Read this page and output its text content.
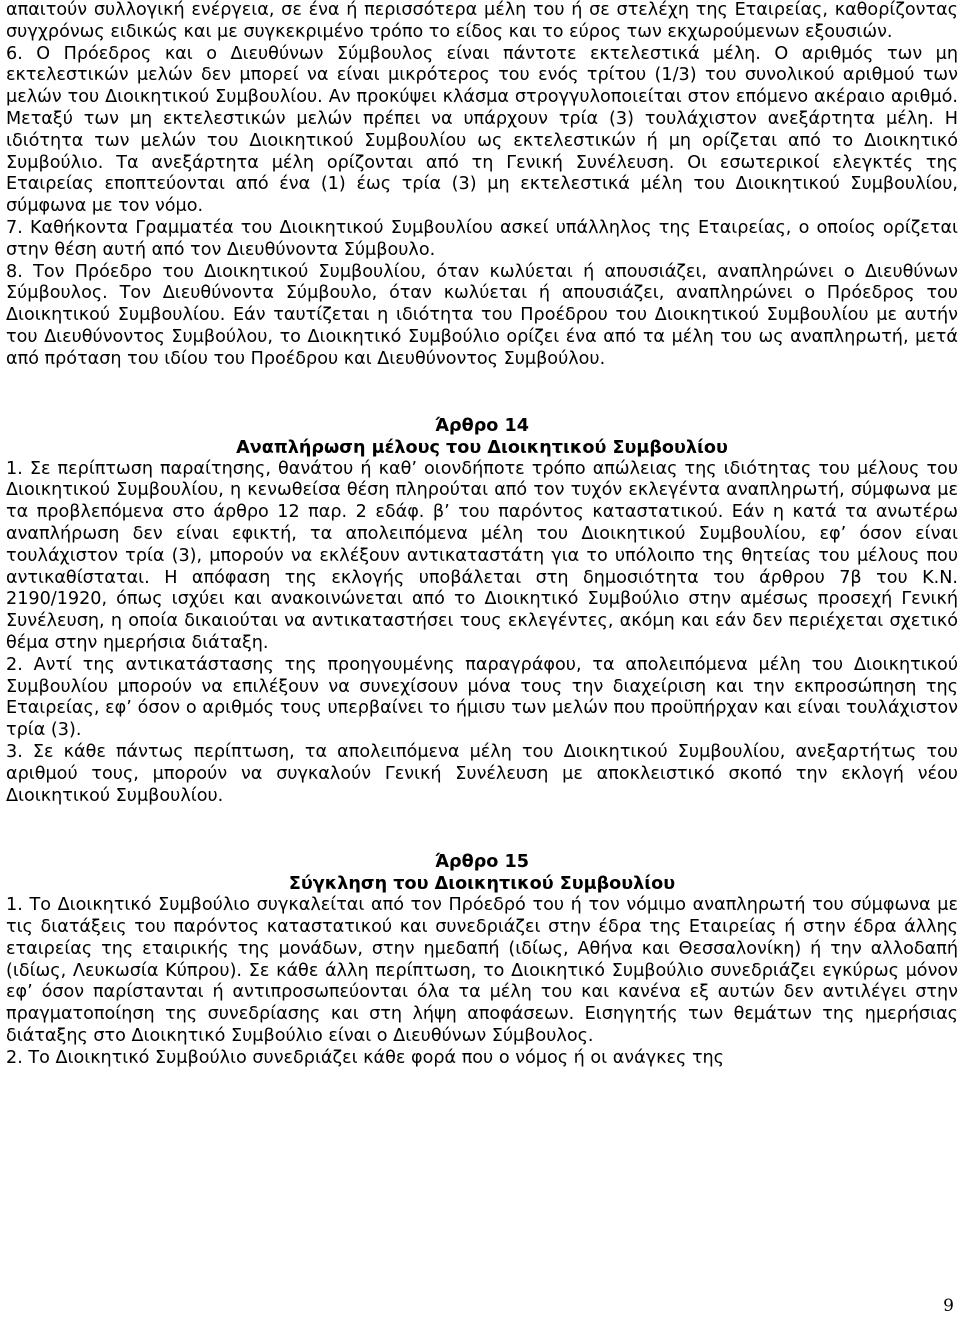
απαιτούν συλλογική ενέργεια, σε ένα ή περισσότερα μέλη του ή σε στελέχη της Εταιρείας, καθορίζοντας συγχρόνως ειδικώς και με συγκεκριμένο τρόπο το είδος και το εύρος των εκχωρούμενων εξουσιών.

6. Ο Πρόεδρος και ο Διευθύνων Σύμβουλος είναι πάντοτε εκτελεστικά μέλη. Ο αριθμός των μη εκτελεστικών μελών δεν μπορεί να είναι μικρότερος του ενός τρίτου (1/3) του συνολικού αριθμού των μελών του Διοικητικού Συμβουλίου. Αν προκύψει κλάσμα στρογγυλοποιείται στον επόμενο ακέραιο αριθμό. Μεταξύ των μη εκτελεστικών μελών πρέπει να υπάρχουν τρία (3) τουλάχιστον ανεξάρτητα μέλη. Η ιδιότητα των μελών του Διοικητικού Συμβουλίου ως εκτελεστικών ή μη ορίζεται από το Διοικητικό Συμβούλιο. Τα ανεξάρτητα μέλη ορίζονται από τη Γενική Συνέλευση. Οι εσωτερικοί ελεγκτές της Εταιρείας εποπτεύονται από ένα (1) έως τρία (3) μη εκτελεστικά μέλη του Διοικητικού Συμβουλίου, σύμφωνα με τον νόμο.

7. Καθήκοντα Γραμματέα του Διοικητικού Συμβουλίου ασκεί υπάλληλος της Εταιρείας, ο οποίος ορίζεται στην θέση αυτή από τον Διευθύνοντα Σύμβουλο.

8. Τον Πρόεδρο του Διοικητικού Συμβουλίου, όταν κωλύεται ή απουσιάζει, αναπληρώνει ο Διευθύνων Σύμβουλος. Τον Διευθύνοντα Σύμβουλο, όταν κωλύεται ή απουσιάζει, αναπληρώνει ο Πρόεδρος του Διοικητικού Συμβουλίου. Εάν ταυτίζεται η ιδιότητα του Προέδρου του Διοικητικού Συμβουλίου με αυτήν του Διευθύνοντος Συμβούλου, το Διοικητικό Συμβούλιο ορίζει ένα από τα μέλη του ως αναπληρωτή, μετά από πρόταση του ιδίου του Προέδρου και Διευθύνοντος Συμβούλου.

Άρθρο 14
Αναπλήρωση μέλους του Διοικητικού Συμβουλίου

1. Σε περίπτωση παραίτησης, θανάτου ή καθ’ οιονδήποτε τρόπο απώλειας της ιδιότητας του μέλους του Διοικητικού Συμβουλίου, η κενωθείσα θέση πληρούται από τον τυχόν εκλεγέντα αναπληρωτή, σύμφωνα με τα προβλεπόμενα στο άρθρο 12 παρ. 2 εδάφ. β’ του παρόντος καταστατικού. Εάν η κατά τα ανωτέρω αναπλήρωση δεν είναι εφικτή, τα απολειπόμενα μέλη του Διοικητικού Συμβουλίου, εφ’ όσον είναι τουλάχιστον τρία (3), μπορούν να εκλέξουν αντικαταστάτη για το υπόλοιπο της θητείας του μέλους που αντικαθίσταται. Η απόφαση της εκλογής υποβάλεται στη δημοσιότητα του άρθρου 7β του Κ.Ν. 2190/1920, όπως ισχύει και ανακοινώνεται από το Διοικητικό Συμβούλιο στην αμέσως προσεχή Γενική Συνέλευση, η οποία δικαιούται να αντικαταστήσει τους εκλεγέντες, ακόμη και εάν δεν περιέχεται σχετικό θέμα στην ημερήσια διάταξη.

2. Αντί της αντικατάστασης της προηγουμένης παραγράφου, τα απολειπόμενα μέλη του Διοικητικού Συμβουλίου μπορούν να επιλέξουν να συνεχίσουν μόνα τους την διαχείριση και την εκπροσώπηση της Εταιρείας, εφ’ όσον ο αριθμός τους υπερβαίνει το ήμισυ των μελών που προϋπήρχαν και είναι τουλάχιστον τρία (3).

3. Σε κάθε πάντως περίπτωση, τα απολειπόμενα μέλη του Διοικητικού Συμβουλίου, ανεξαρτήτως του αριθμού τους, μπορούν να συγκαλούν Γενική Συνέλευση με αποκλειστικό σκοπό την εκλογή νέου Διοικητικού Συμβουλίου.

Άρθρο 15
Σύγκληση του Διοικητικού Συμβουλίου

1. Το Διοικητικό Συμβούλιο συγκαλείται από τον Πρόεδρό του ή τον νόμιμο αναπληρωτή του σύμφωνα με τις διατάξεις του παρόντος καταστατικού και συνεδριάζει στην έδρα της Εταιρείας ή στην έδρα άλλης εταιρείας της εταιρικής της μονάδων, στην ημεδαπή (ιδίως, Αθήνα και Θεσσαλονίκη) ή την αλλοδαπή (ιδίως, Λευκωσία Κύπρου). Σε κάθε άλλη περίπτωση, το Διοικητικό Συμβούλιο συνεδριάζει εγκύρως μόνον εφ’ όσον παρίστανται ή αντιπροσωπεύονται όλα τα μέλη του και κανένα εξ αυτών δεν αντιλέγει στην πραγματοποίηση της συνεδρίασης και στη λήψη αποφάσεων. Εισηγητής των θεμάτων της ημερήσιας διάταξης στο Διοικητικό Συμβούλιο είναι ο Διευθύνων Σύμβουλος.

2. Το Διοικητικό Συμβούλιο συνεδριάζει κάθε φορά που ο νόμος ή οι ανάγκες της

9
